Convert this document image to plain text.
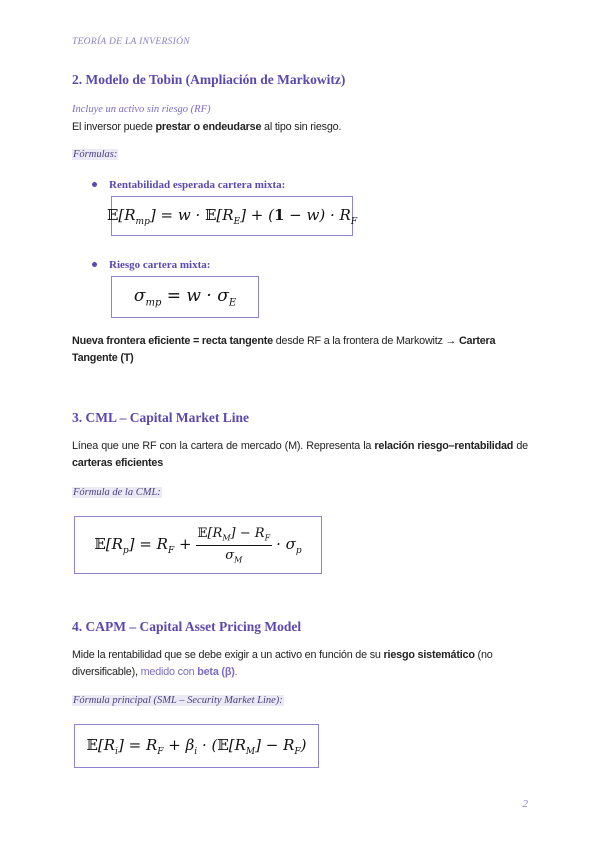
TEORÍA DE LA INVERSIÓN
2. Modelo de Tobin (Ampliación de Markowitz)
Incluye un activo sin riesgo (RF)
El inversor puede prestar o endeudarse al tipo sin riesgo.
Fórmulas:
Rentabilidad esperada cartera mixta:
$𝔼[R_{mp}] = w$ · $𝔼[R_E] + (1 - w) \cdot R_F$
Riesgo cartera mixta:
$\sigma_{mp} = w \cdot \sigma_E$
Nueva frontera eficiente = recta tangente desde RF a la frontera de Markowitz → Cartera Tangente (T)
3. CML – Capital Market Line
Línea que une RF con la cartera de mercado (M). Representa la relación riesgo–rentabilidad de carteras eficientes
Fórmula de la CML:
$𝔼[R_p] = R_F + \frac{𝔼[R_M] - R_F}{\sigma_M} \cdot \sigma_p$
4. CAPM – Capital Asset Pricing Model
Mide la rentabilidad que se debe exigir a un activo en función de su riesgo sistemático (no diversificable), medido con beta (β).
Fórmula principal (SML – Security Market Line):
$𝔼[R_i] = R_F + \beta_i$ · $(𝔼[R_M] - R_F)$
2
